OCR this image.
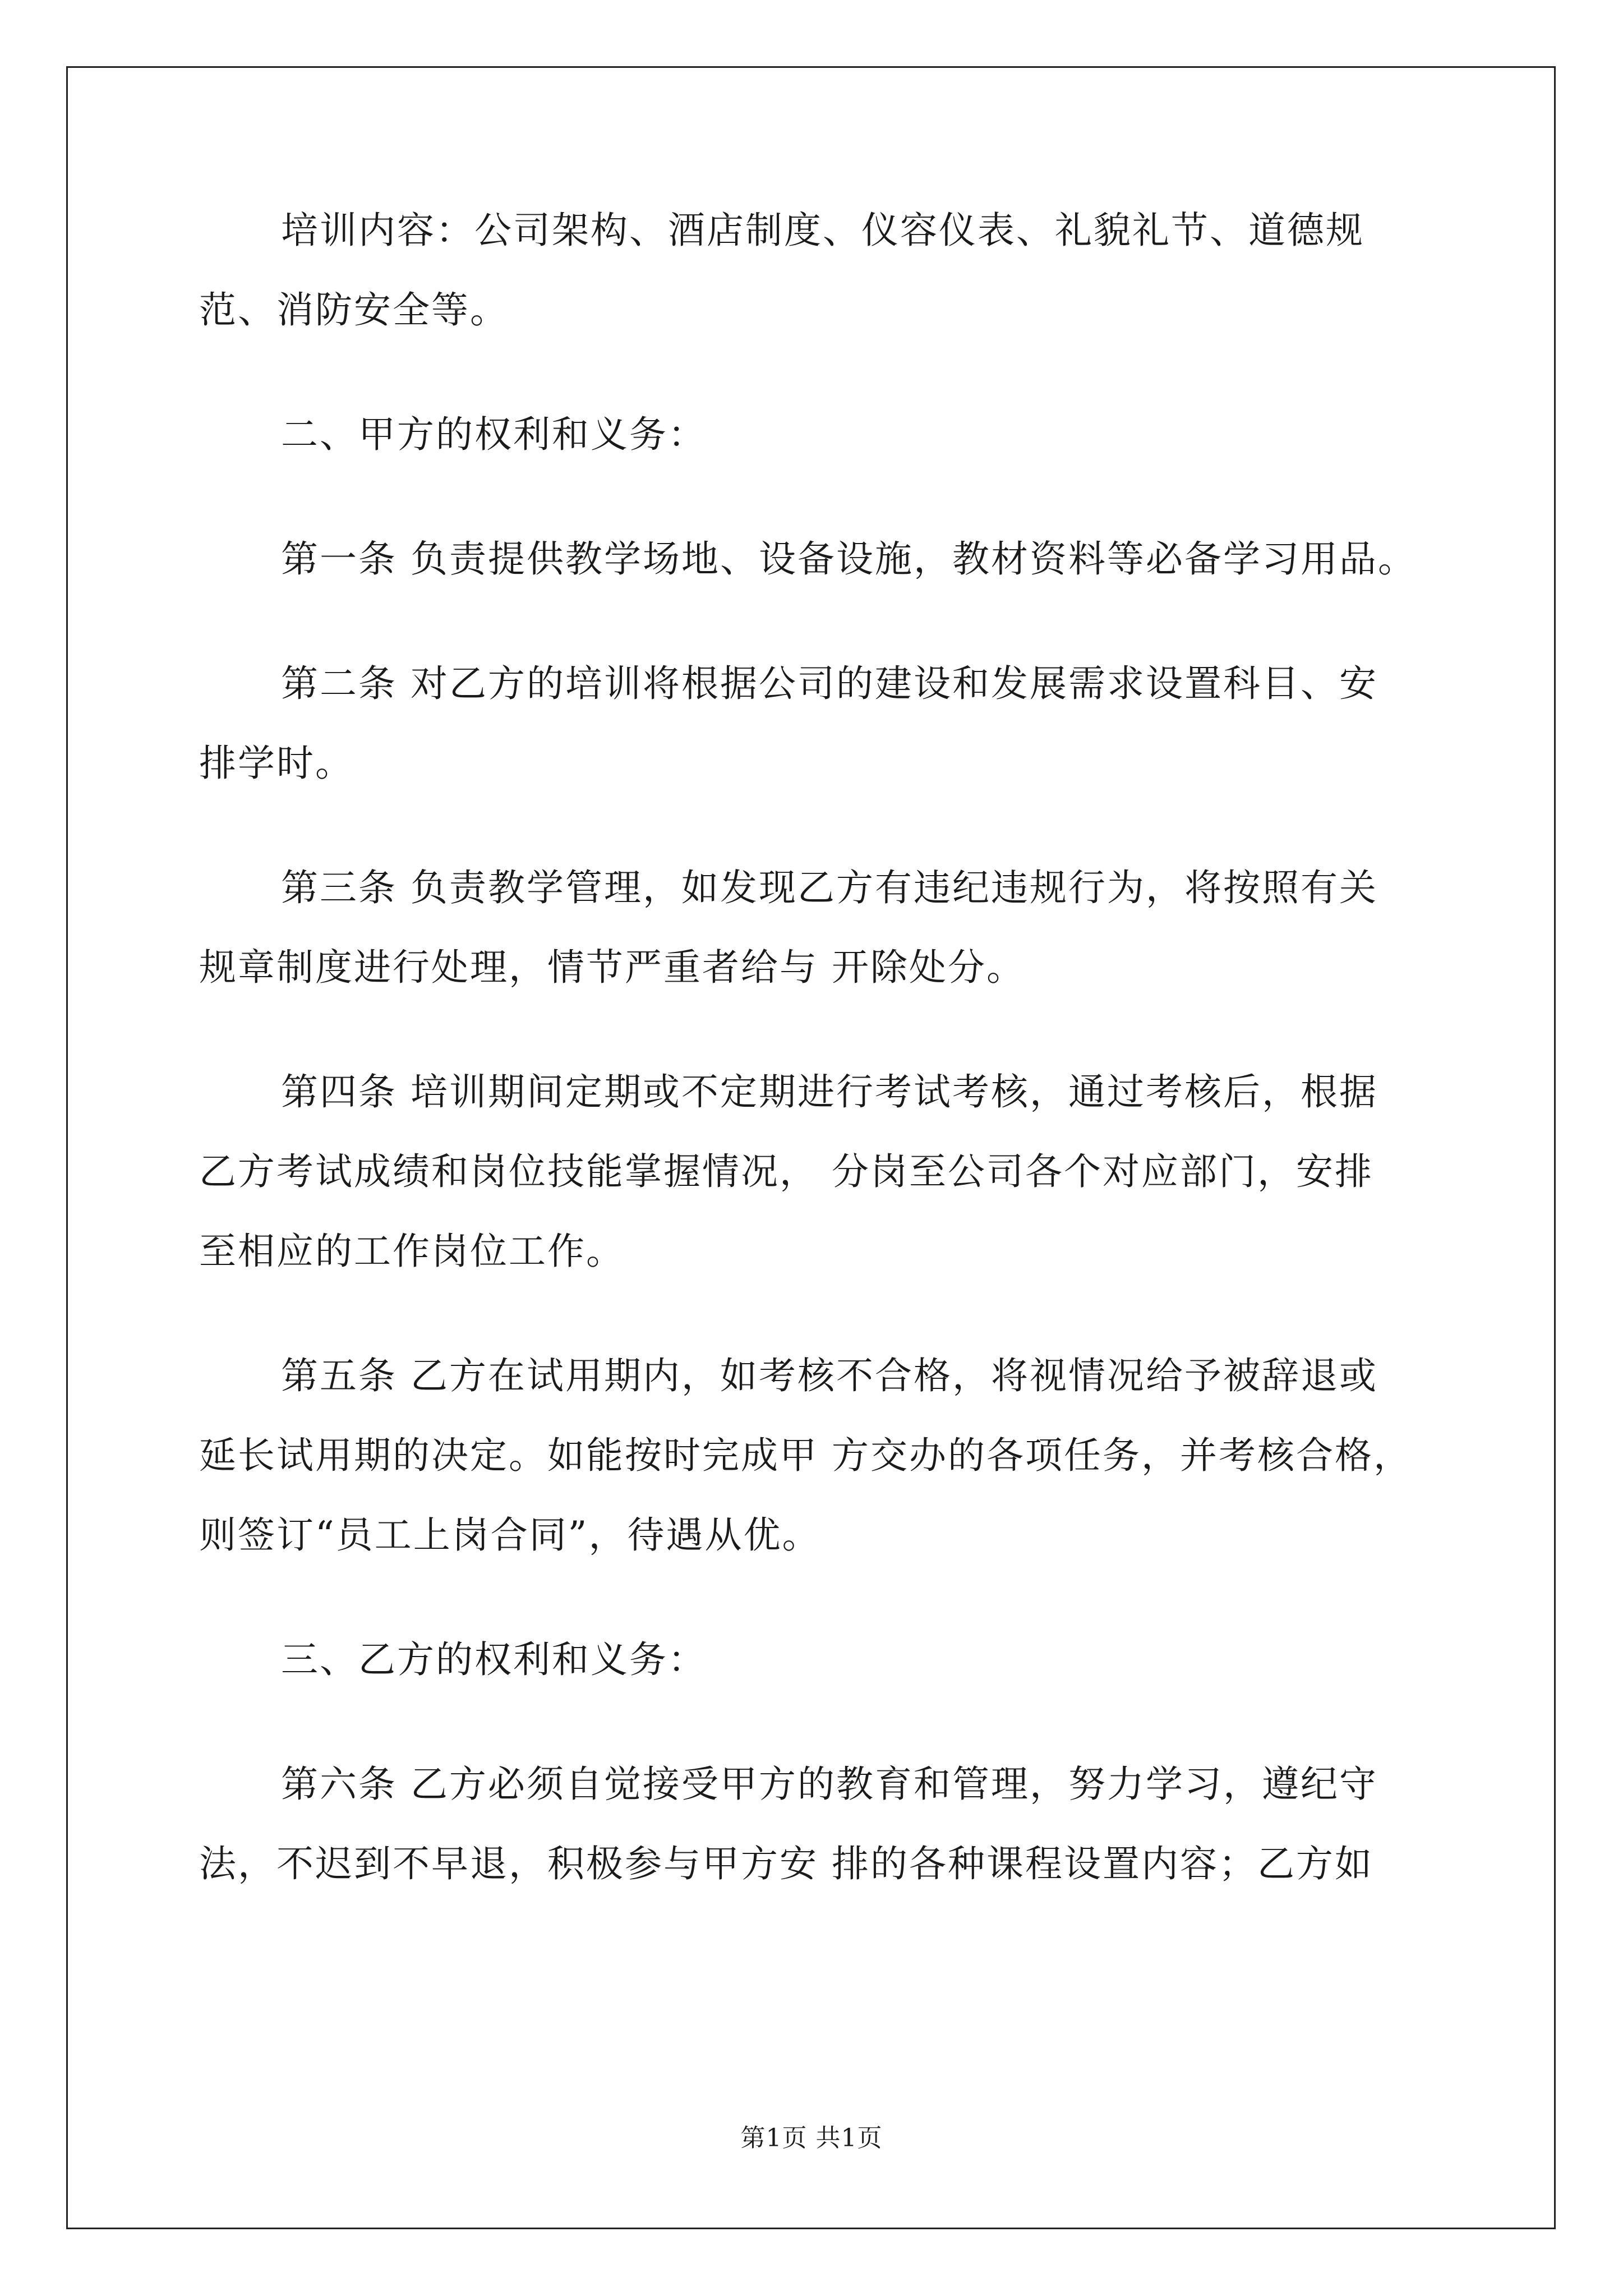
培训内容：公司架构、酒店制度、仪容仪表、礼貌礼节、道德规
范、消防安全等。
二、甲方的权利和义务：
第一条 负责提供教学场地、设备设施，教材资料等必备学习用品。
第二条 对乙方的培训将根据公司的建设和发展需求设置科目、安
排学时。
第三条 负责教学管理，如发现乙方有违纪违规行为，将按照有关
规章制度进行处理，情节严重者给与 开除处分。
第四条 培训期间定期或不定期进行考试考核，通过考核后，根据
乙方考试成绩和岗位技能掌握情况， 分岗至公司各个对应部门，安排
至相应的工作岗位工作。
第五条 乙方在试用期内，如考核不合格，将视情况给予被辞退或
延长试用期的决定。如能按时完成甲 方交办的各项任务，并考核合格，
则签订“员工上岗合同”，待遇从优。
三、乙方的权利和义务：
第六条 乙方必须自觉接受甲方的教育和管理，努力学习，遵纪守
法，不迟到不早退，积极参与甲方安 排的各种课程设置内容；乙方如
第1页 共1页
